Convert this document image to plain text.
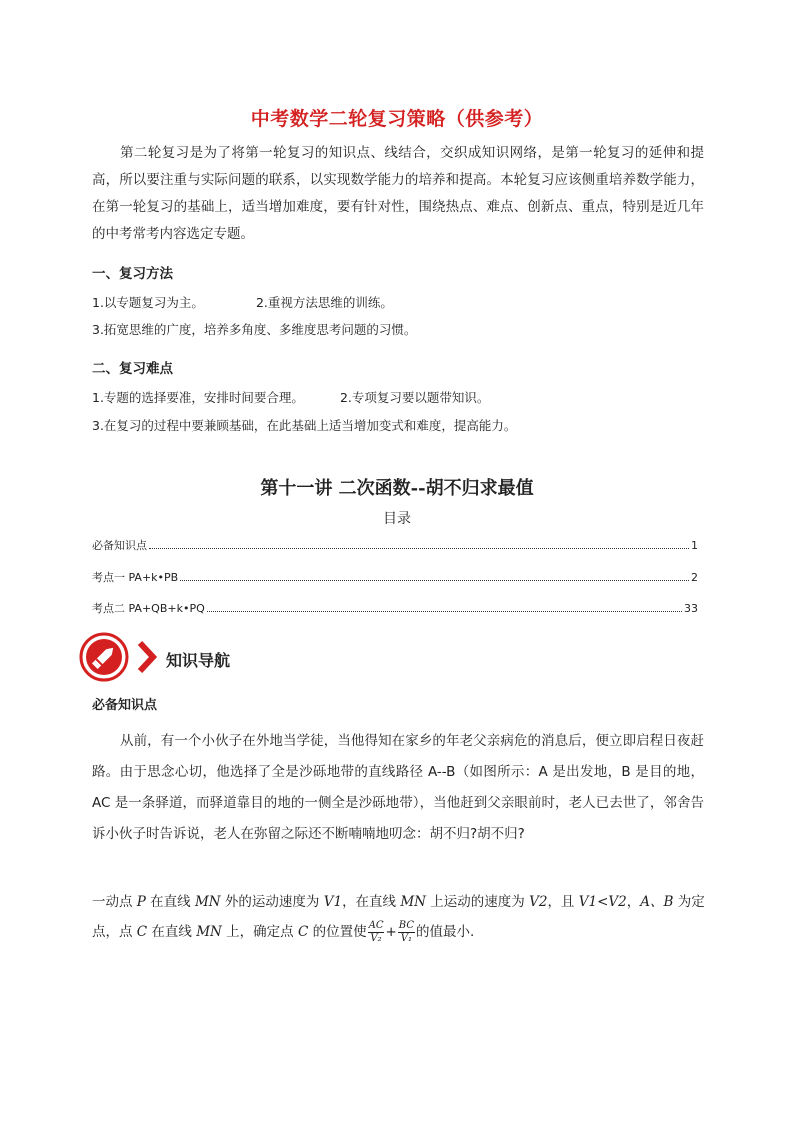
中考数学二轮复习策略（供参考）

第二轮复习是为了将第一轮复习的知识点、线结合，交织成知识网络，是第一轮复习的延伸和提高，所以要注重与实际问题的联系，以实现数学能力的培养和提高。本轮复习应该侧重培养数学能力，在第一轮复习的基础上，适当增加难度，要有针对性，围绕热点、难点、创新点、重点，特别是近几年的中考常考内容选定专题。

一、复习方法
1.以专题复习为主。	2.重视方法思维的训练。
3.拓宽思维的广度，培养多角度、多维度思考问题的习惯。
二、复习难点
1.专题的选择要准，安排时间要合理。	2.专项复习要以题带知识。
3.在复习的过程中要兼顾基础，在此基础上适当增加变式和难度，提高能力。
第十一讲 二次函数--胡不归求最值
目录
必备知识点	1
考点一 PA+k•PB	2
考点二 PA+QB+k•PQ	33
知识导航
必备知识点

从前，有一个小伙子在外地当学徒，当他得知在家乡的年老父亲病危的消息后，便立即启程日夜赶路。由于思念心切，他选择了全是沙砾地带的直线路径 A--B（如图所示：A 是出发地，B 是目的地，AC 是一条驿道，而驿道靠目的地的一侧全是沙砾地带），当他赶到父亲眼前时，老人已去世了，邻舍告诉小伙子时告诉说，老人在弥留之际还不断喃喃地叨念：胡不归?胡不归?

一动点 P 在直线 MN 外的运动速度为 V1，在直线 MN 上运动的速度为 V2，且 V1<V2，A、B 为定点，点 C 在直线 MN 上，确定点 C 的位置使 $\frac{AC}{\text{V₂}} + \frac{BC}{\text{V₁}}$ 的值最小.
